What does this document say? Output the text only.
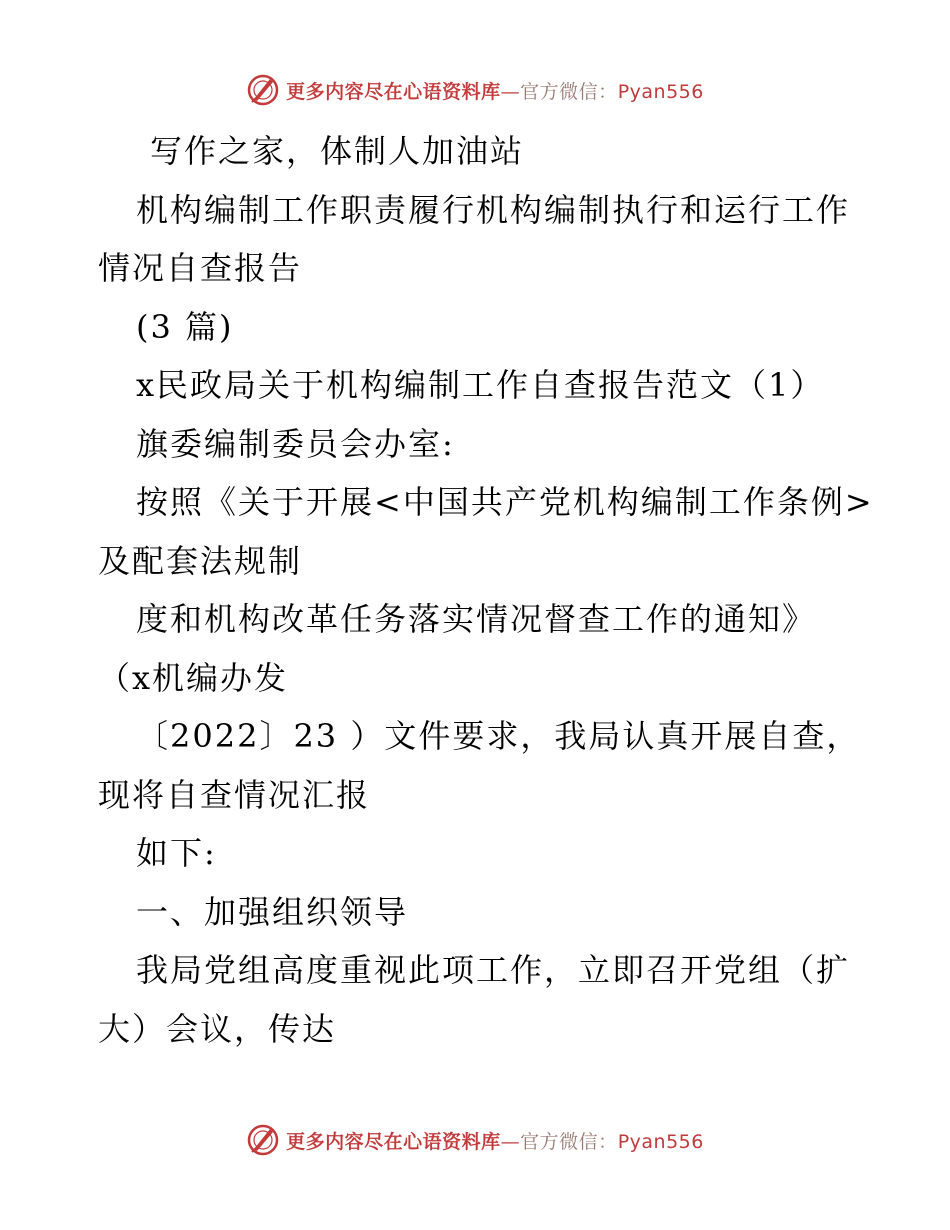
更多内容尽在心语资料库—官方微信：Pyan556
写作之家，体制人加油站
机构编制工作职责履行机构编制执行和运行工作
情况自查报告
(3 篇)
x民政局关于机构编制工作自查报告范文（1）
旗委编制委员会办室:
按照《关于开展<中国共产党机构编制工作条例>
及配套法规制
度和机构改革任务落实情况督查工作的通知》
（x机编办发
〔2022〕23 ）文件要求，我局认真开展自查，
现将自查情况汇报
如下:
一、加强组织领导
我局党组高度重视此项工作，立即召开党组（扩
大）会议，传达
更多内容尽在心语资料库—官方微信：Pyan556
